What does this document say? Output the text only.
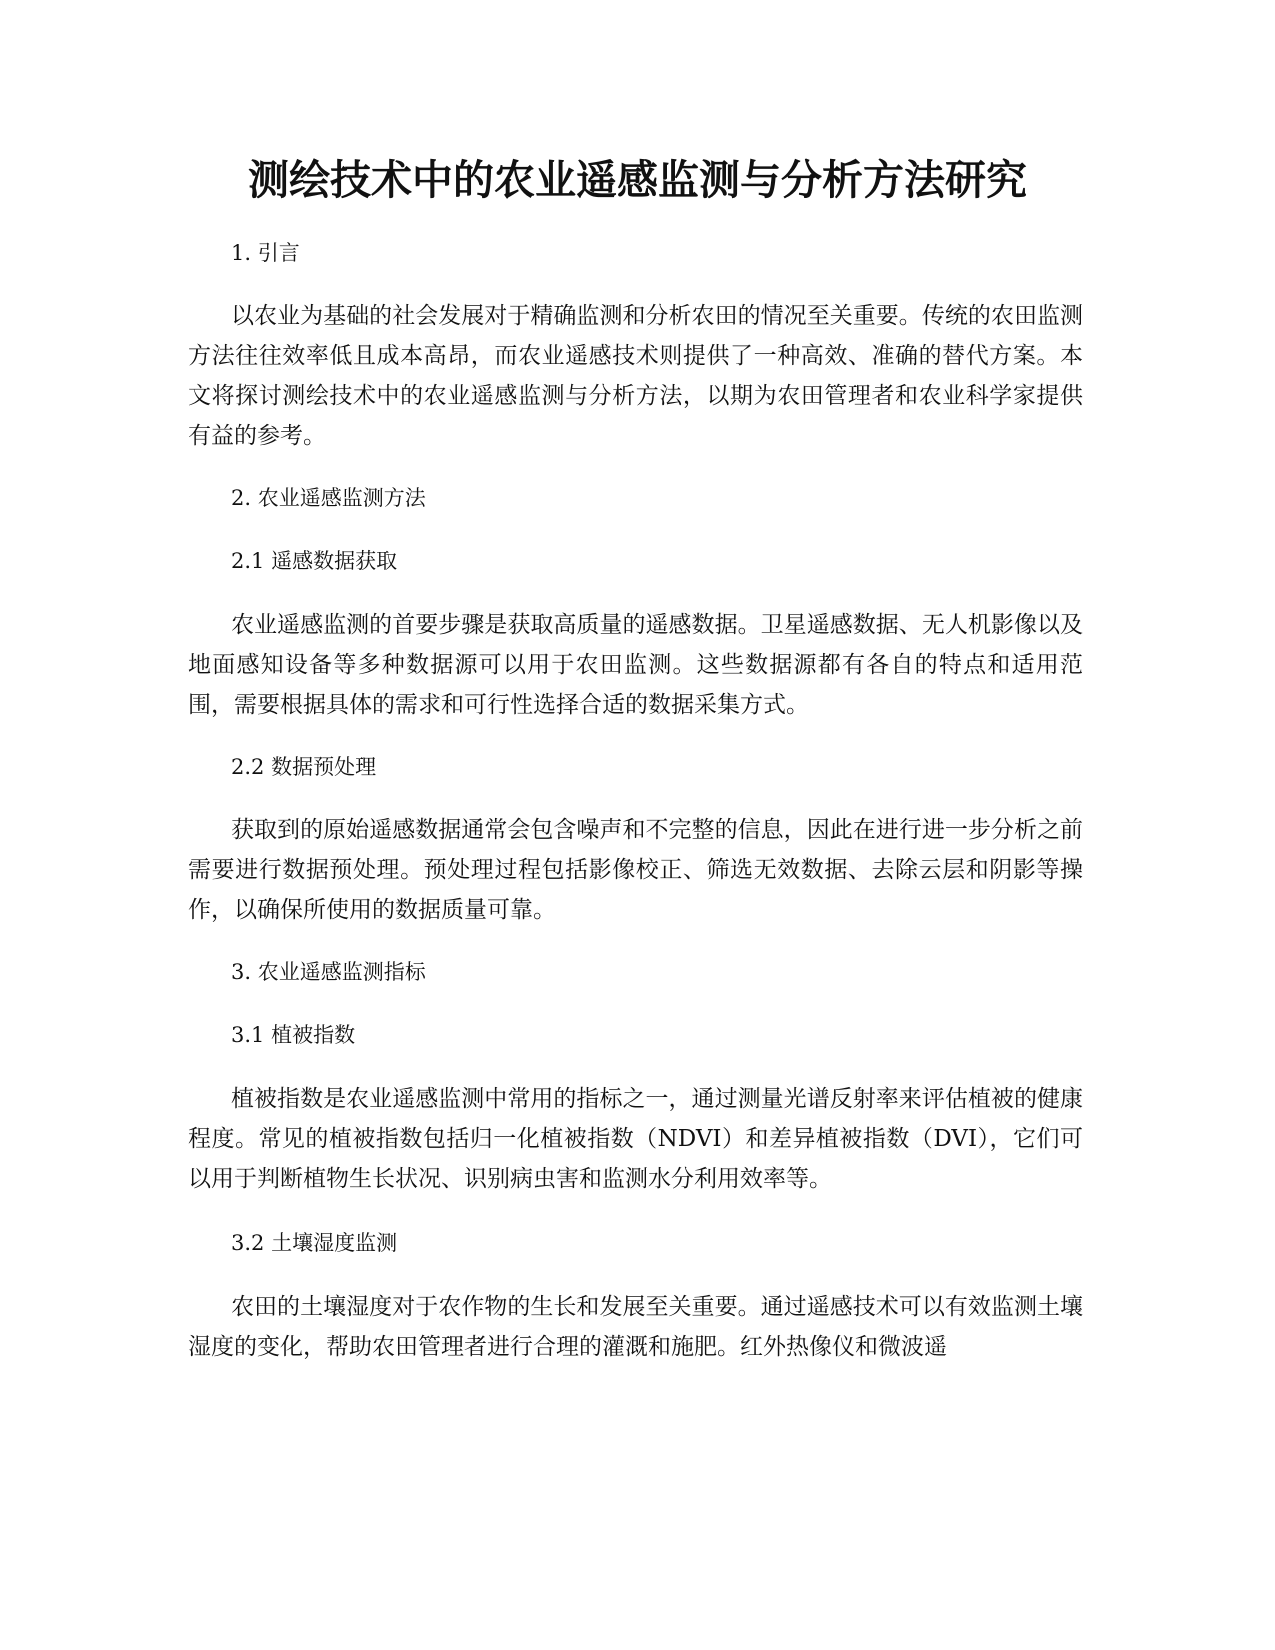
测绘技术中的农业遥感监测与分析方法研究
1. 引言

以农业为基础的社会发展对于精确监测和分析农田的情况至关重要。传统的农田监测方法往往效率低且成本高昂，而农业遥感技术则提供了一种高效、准确的替代方案。本文将探讨测绘技术中的农业遥感监测与分析方法，以期为农田管理者和农业科学家提供有益的参考。

2. 农业遥感监测方法
2.1 遥感数据获取

农业遥感监测的首要步骤是获取高质量的遥感数据。卫星遥感数据、无人机影像以及地面感知设备等多种数据源可以用于农田监测。这些数据源都有各自的特点和适用范围，需要根据具体的需求和可行性选择合适的数据采集方式。

2.2 数据预处理

获取到的原始遥感数据通常会包含噪声和不完整的信息，因此在进行进一步分析之前需要进行数据预处理。预处理过程包括影像校正、筛选无效数据、去除云层和阴影等操作，以确保所使用的数据质量可靠。

3. 农业遥感监测指标
3.1 植被指数

植被指数是农业遥感监测中常用的指标之一，通过测量光谱反射率来评估植被的健康程度。常见的植被指数包括归一化植被指数（NDVI）和差异植被指数（DVI），它们可以用于判断植物生长状况、识别病虫害和监测水分利用效率等。

3.2 土壤湿度监测

农田的土壤湿度对于农作物的生长和发展至关重要。通过遥感技术可以有效监测土壤湿度的变化，帮助农田管理者进行合理的灌溉和施肥。红外热像仪和微波遥
